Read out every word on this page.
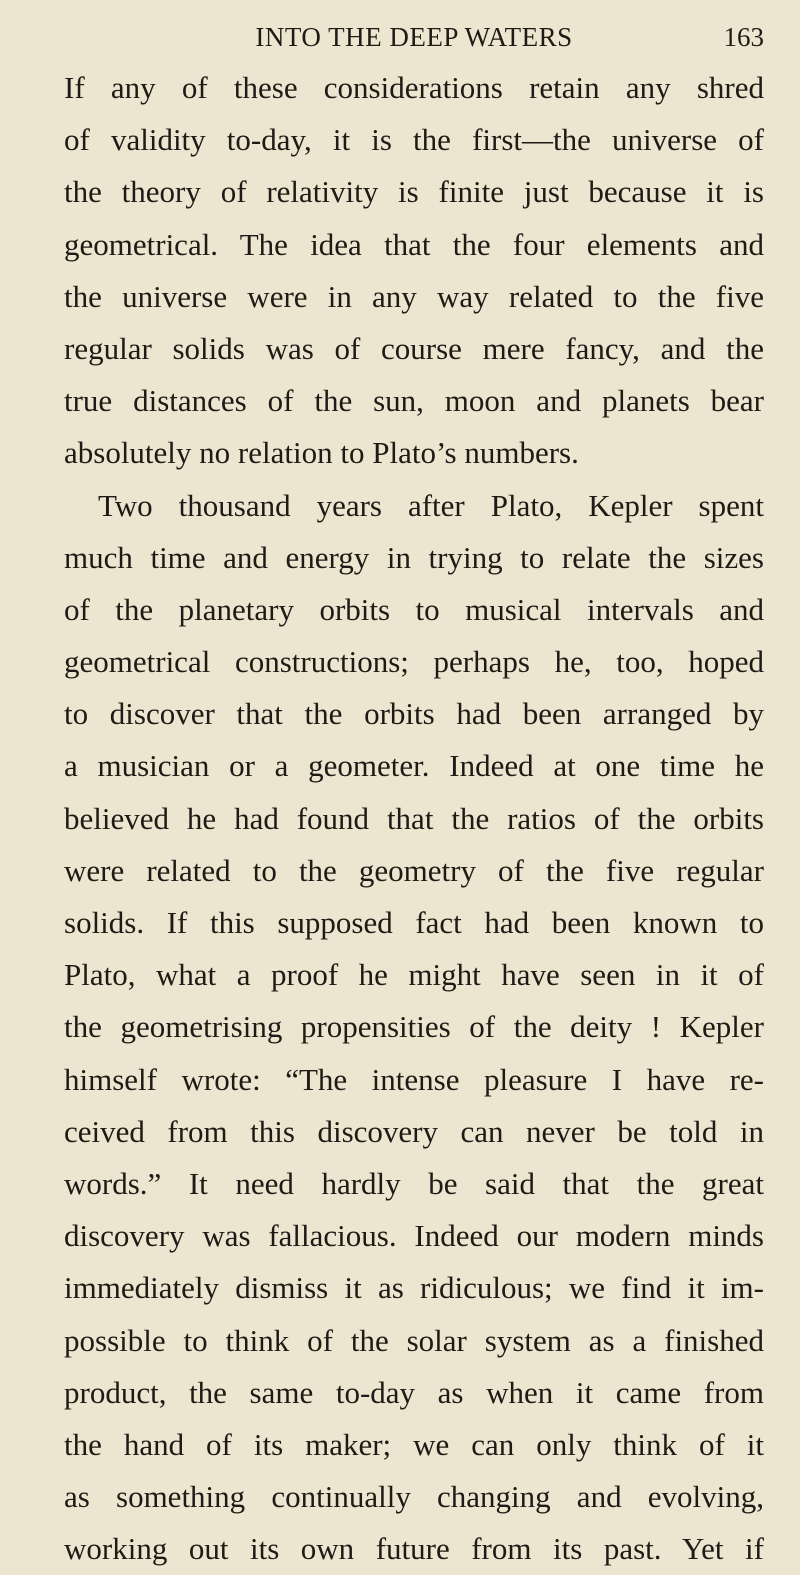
INTO THE DEEP WATERS	163
If any of these considerations retain any shred
of validity to-day, it is the first—the universe of
the theory of relativity is finite just because it is
geometrical. The idea that the four elements and
the universe were in any way related to the five
regular solids was of course mere fancy, and the
true distances of the sun, moon and planets bear
absolutely no relation to Plato’s numbers.
Two thousand years after Plato, Kepler spent
much time and energy in trying to relate the sizes
of the planetary orbits to musical intervals and
geometrical constructions; perhaps he, too, hoped
to discover that the orbits had been arranged by
a musician or a geometer. Indeed at one time he
believed he had found that the ratios of the orbits
were related to the geometry of the five regular
solids. If this supposed fact had been known to
Plato, what a proof he might have seen in it of
the geometrising propensities of the deity ! Kepler
himself wrote: “The intense pleasure I have re-
ceived from this discovery can never be told in
words.” It need hardly be said that the great
discovery was fallacious. Indeed our modern minds
immediately dismiss it as ridiculous; we find it im-
possible to think of the solar system as a finished
product, the same to-day as when it came from
the hand of its maker; we can only think of it
as something continually changing and evolving,
working out its own future from its past. Yet if
